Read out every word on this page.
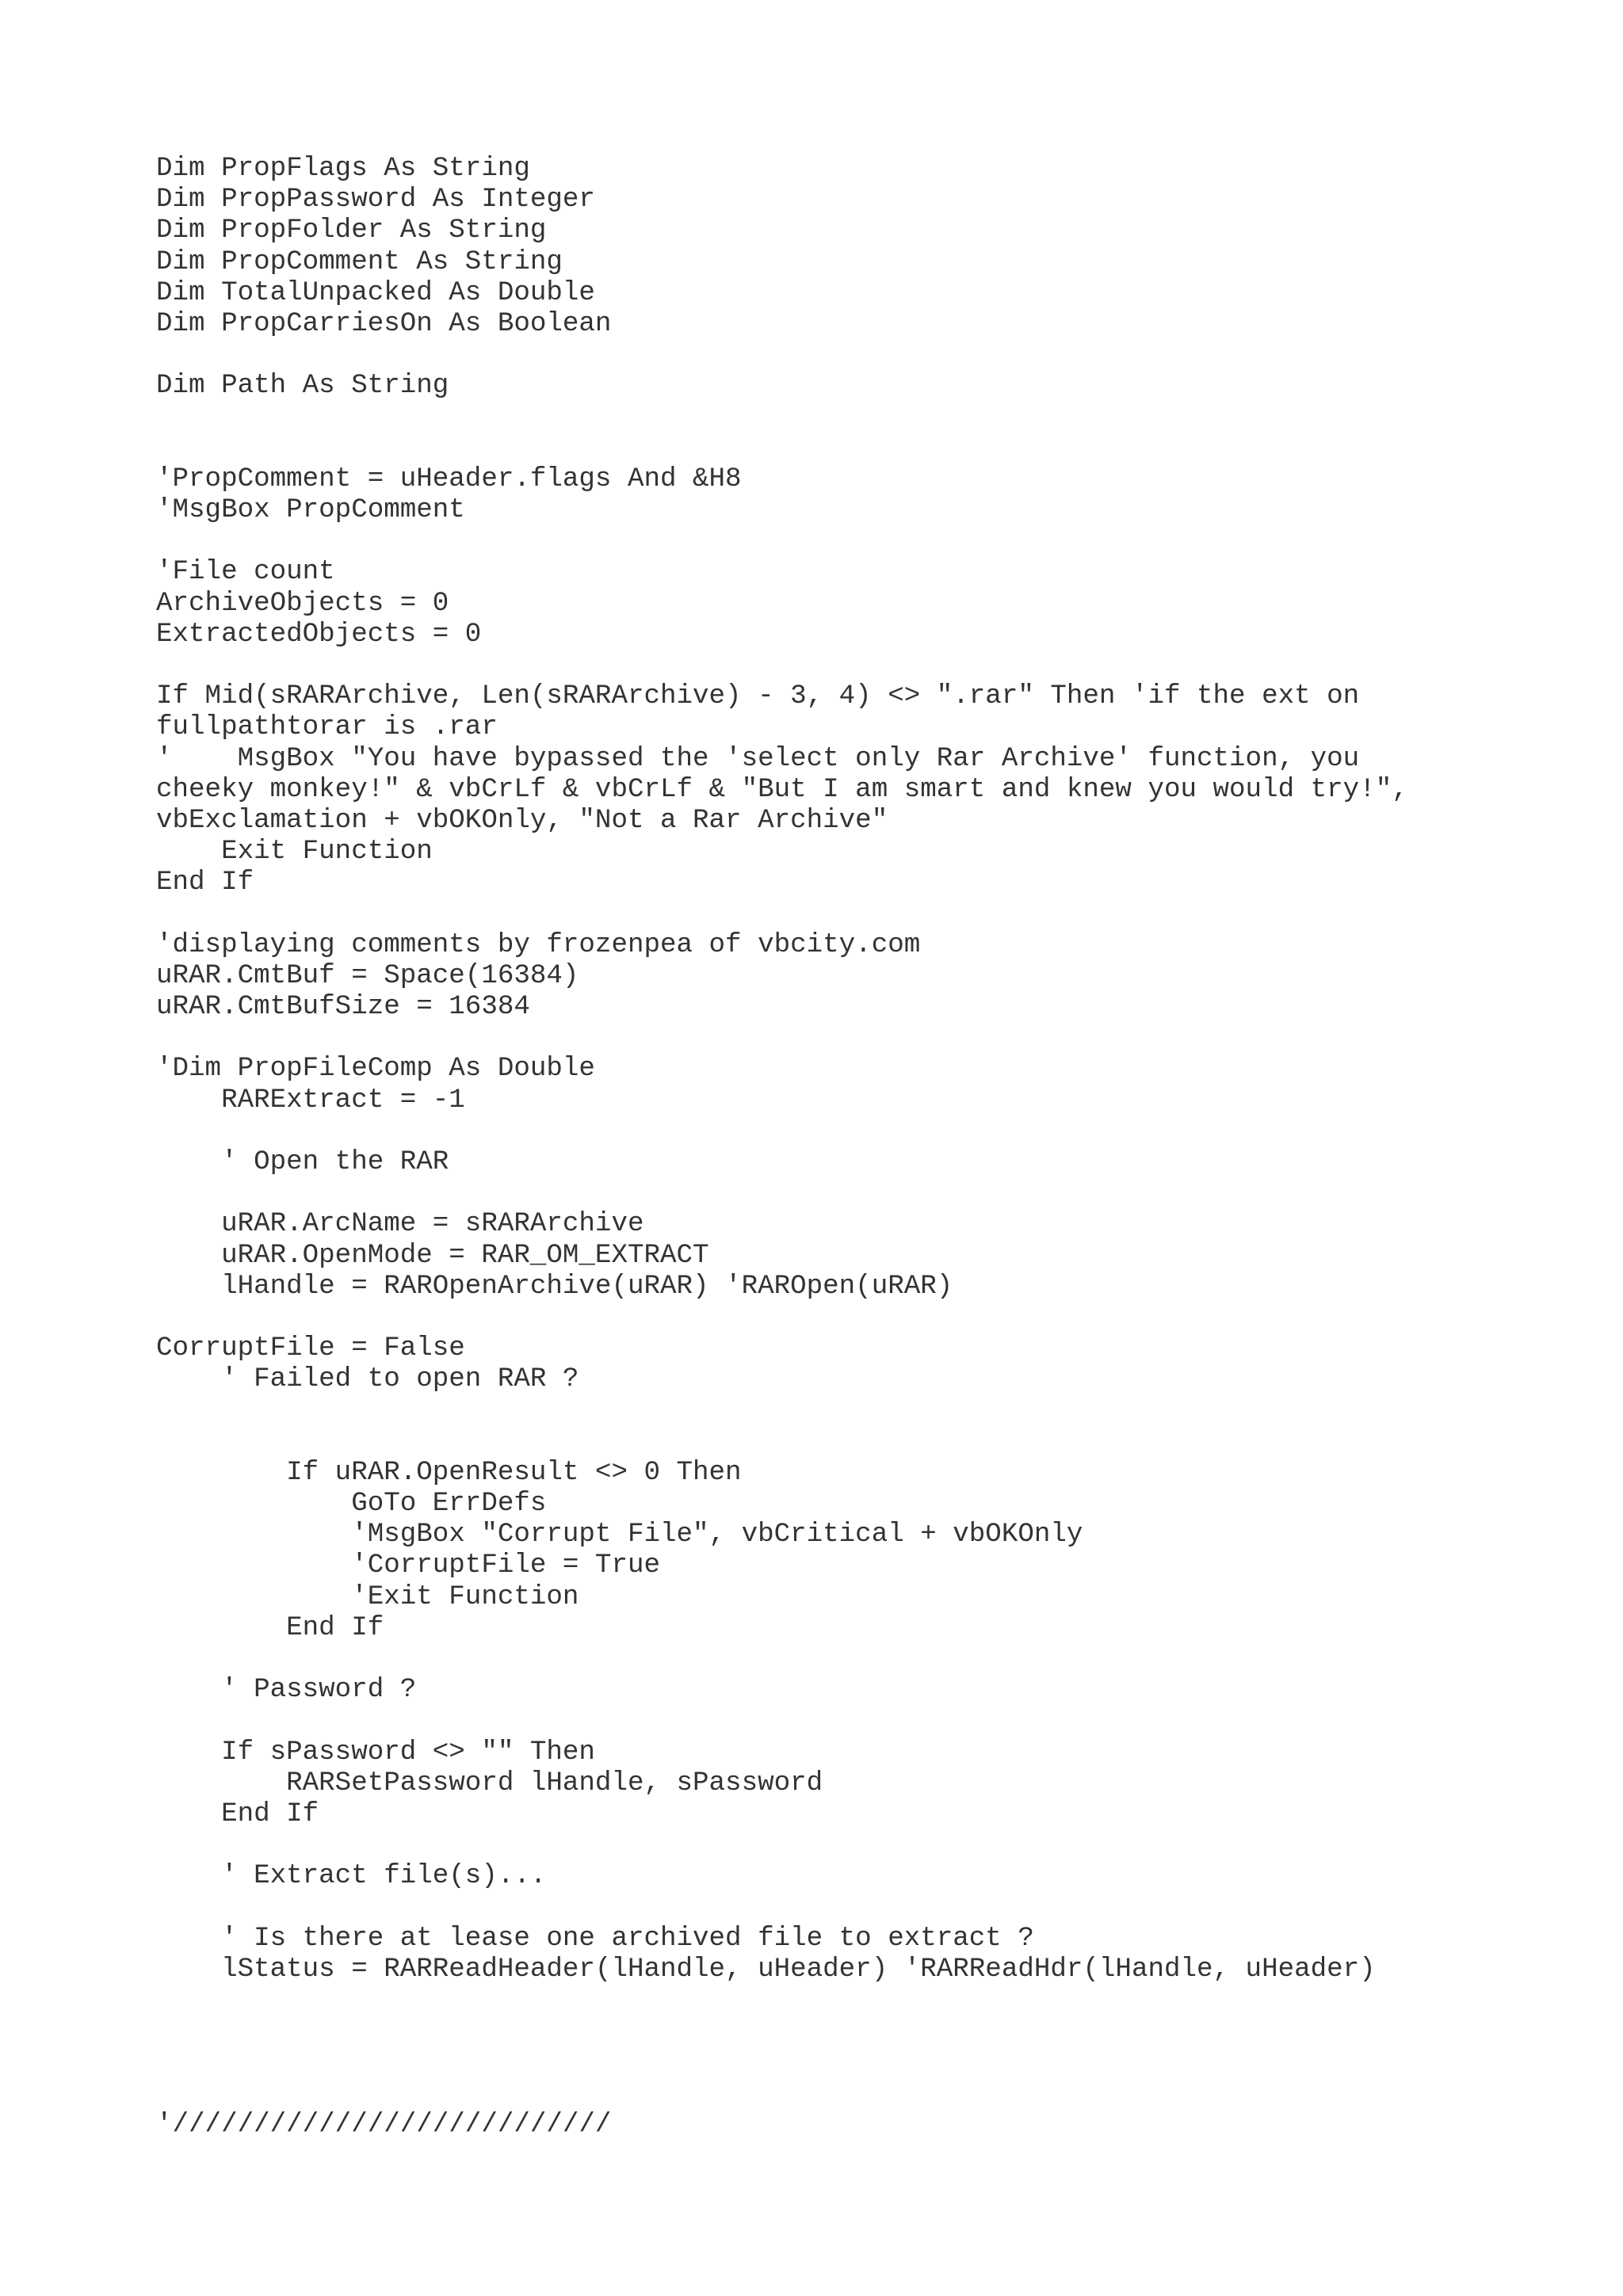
Dim PropFlags As String
Dim PropPassword As Integer
Dim PropFolder As String
Dim PropComment As String
Dim TotalUnpacked As Double
Dim PropCarriesOn As Boolean

Dim Path As String

'PropComment = uHeader.flags And &H8
'MsgBox PropComment

'File count
ArchiveObjects = 0
ExtractedObjects = 0

If Mid(sRARArchive, Len(sRARArchive) - 3, 4) <> ".rar" Then 'if the ext on
fullpathtorar is .rar
'    MsgBox "You have bypassed the 'select only Rar Archive' function, you
cheeky monkey!" & vbCrLf & vbCrLf & "But I am smart and knew you would try!",
vbExclamation + vbOKOnly, "Not a Rar Archive"
Exit Function
End If

'displaying comments by frozenpea of vbcity.com
uRAR.CmtBuf = Space(16384)
uRAR.CmtBufSize = 16384

'Dim PropFileComp As Double
RARExtract = -1

' Open the RAR

uRAR.ArcName = sRARArchive
uRAR.OpenMode = RAR_OM_EXTRACT
lHandle = RAROpenArchive(uRAR) 'RAROpen(uRAR)

CorruptFile = False
' Failed to open RAR ?

If uRAR.OpenResult <> 0 Then
GoTo ErrDefs
'MsgBox "Corrupt File", vbCritical + vbOKOnly
'CorruptFile = True
'Exit Function
End If

' Password ?

If sPassword <> "" Then
RARSetPassword lHandle, sPassword
End If

' Extract file(s)...

' Is there at lease one archived file to extract ?
lStatus = RARReadHeader(lHandle, uHeader) 'RARReadHdr(lHandle, uHeader)

'///////////////////////////
